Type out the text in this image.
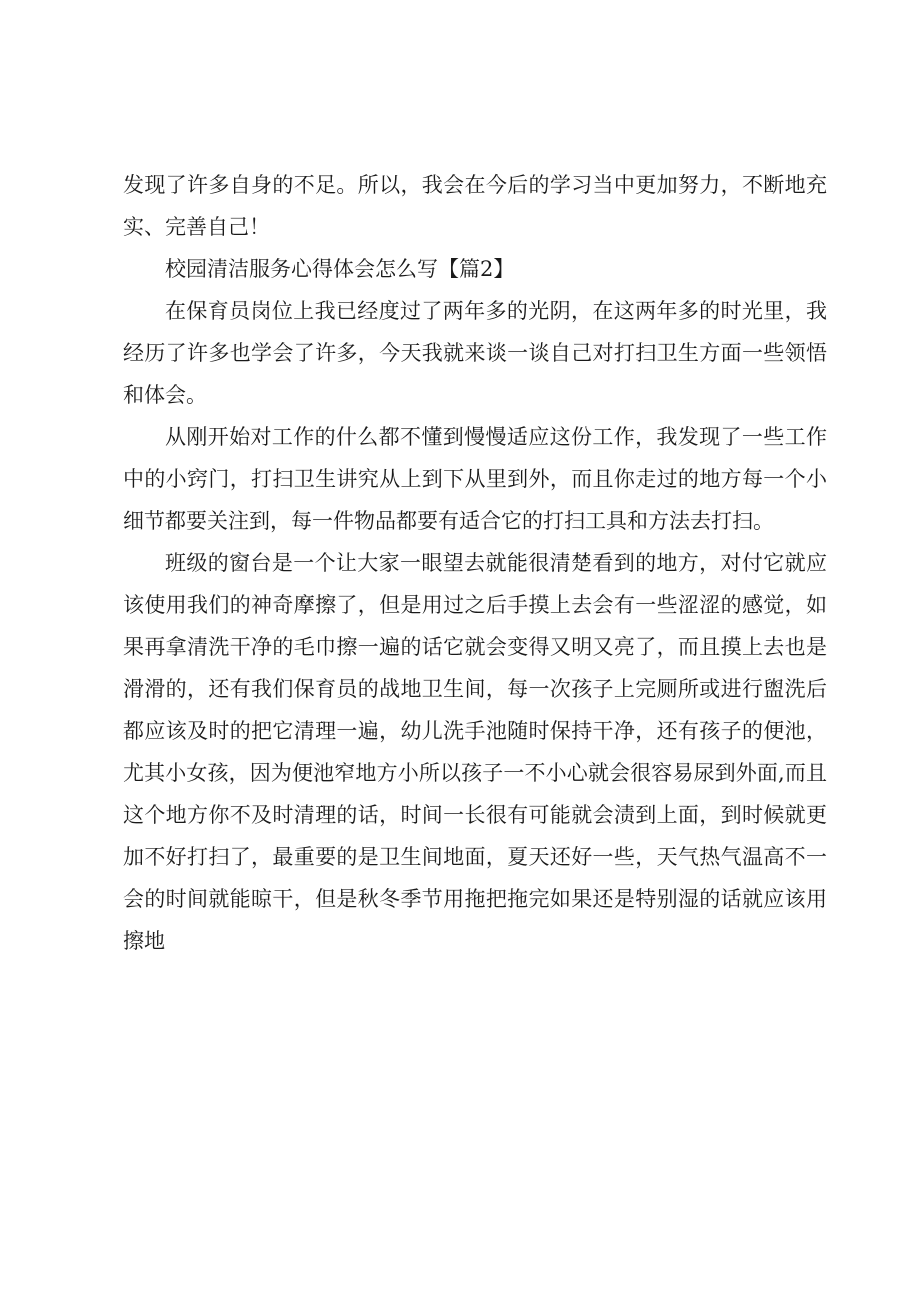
发现了许多自身的不足。所以，我会在今后的学习当中更加努力，不断地充实、完善自己！

校园清洁服务心得体会怎么写【篇2】

在保育员岗位上我已经度过了两年多的光阴，在这两年多的时光里，我经历了许多也学会了许多，今天我就来谈一谈自己对打扫卫生方面一些领悟和体会。

从刚开始对工作的什么都不懂到慢慢适应这份工作，我发现了一些工作中的小窍门，打扫卫生讲究从上到下从里到外，而且你走过的地方每一个小细节都要关注到，每一件物品都要有适合它的打扫工具和方法去打扫。

班级的窗台是一个让大家一眼望去就能很清楚看到的地方，对付它就应该使用我们的神奇摩擦了，但是用过之后手摸上去会有一些涩涩的感觉，如果再拿清洗干净的毛巾擦一遍的话它就会变得又明又亮了，而且摸上去也是滑滑的，还有我们保育员的战地卫生间，每一次孩子上完厕所或进行盥洗后都应该及时的把它清理一遍，幼儿洗手池随时保持干净，还有孩子的便池，尤其小女孩，因为便池窄地方小所以孩子一不小心就会很容易尿到外面,而且这个地方你不及时清理的话，时间一长很有可能就会渍到上面，到时候就更加不好打扫了，最重要的是卫生间地面，夏天还好一些，天气热气温高不一会的时间就能晾干，但是秋冬季节用拖把拖完如果还是特别湿的话就应该用擦地
